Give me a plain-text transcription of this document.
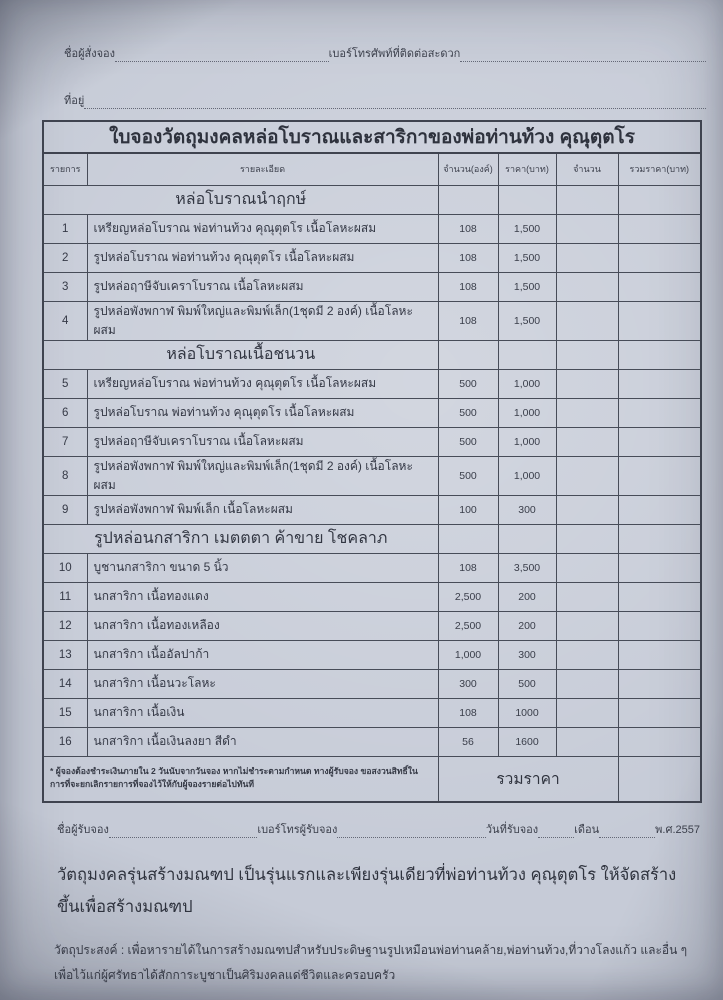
ชื่อผู้สั่งจอง	เบอร์โทรศัพท์ที่ติดต่อสะดวก
ที่อยู่
ใบจองวัตถุมงคลหล่อโบราณและสาริกาของพ่อท่านท้วง คุณุตุตโร					
รายการ	รายละเอียด	จำนวน(องค์)	ราคา(บาท)	จำนวน	รวมราคา(บาท)
หล่อโบราณนำฤกษ์					
1	เหรียญหล่อโบราณ พ่อท่านท้วง คุณุตุตโร เนื้อโลหะผสม	108	1,500		
2	รูปหล่อโบราณ พ่อท่านท้วง คุณุตุตโร เนื้อโลหะผสม	108	1,500		
3	รูปหล่อฤาษีจับเคราโบราณ เนื้อโลหะผสม	108	1,500		
4	รูปหล่อพังพกาฬ พิมพ์ใหญ่และพิมพ์เล็ก(1ชุดมี 2 องค์) เนื้อโลหะผสม	108	1,500		
หล่อโบราณเนื้อชนวน					
5	เหรียญหล่อโบราณ พ่อท่านท้วง คุณุตุตโร เนื้อโลหะผสม	500	1,000		
6	รูปหล่อโบราณ พ่อท่านท้วง คุณุตุตโร เนื้อโลหะผสม	500	1,000		
7	รูปหล่อฤาษีจับเคราโบราณ เนื้อโลหะผสม	500	1,000		
8	รูปหล่อพังพกาฬ พิมพ์ใหญ่และพิมพ์เล็ก(1ชุดมี 2 องค์) เนื้อโลหะผสม	500	1,000		
9	รูปหล่อพังพกาฬ พิมพ์เล็ก เนื้อโลหะผสม	100	300		
รูปหล่อนกสาริกา เมตตตา ค้าขาย โชคลาภ					
10	บูชานกสาริกา ขนาด 5 นิ้ว	108	3,500		
11	นกสาริกา เนื้อทองแดง	2,500	200		
12	นกสาริกา เนื้อทองเหลือง	2,500	200		
13	นกสาริกา เนื้ออัลปาก้า	1,000	300		
14	นกสาริกา เนื้อนวะโลหะ	300	500		
15	นกสาริกา เนื้อเงิน	108	1000		
16	นกสาริกา เนื้อเงินลงยา สีดำ	56	1600		
* ผู้จองต้องชำระเงินภายใน 2 วันนับจากวันจอง หากไม่ชำระตามกำหนด ทางผู้รับจอง ขอสงวนสิทธิ์ในการที่จะยกเลิกรายการที่จองไว้ให้กับผู้จองรายต่อไปทันที		รวมราคา			
ชื่อผู้รับจอง	เบอร์โทรผู้รับจอง	วันที่รับจอง	เดือน	พ.ศ.2557
วัตถุมงคลรุ่นสร้างมณฑป เป็นรุ่นแรกและเพียงรุ่นเดียวที่พ่อท่านท้วง คุณุตุตโร ให้จัดสร้างขึ้นเพื่อสร้างมณฑป
วัตถุประสงค์ : เพื่อหารายได้ในการสร้างมณฑปสำหรับประดิษฐานรูปเหมือนพ่อท่านคล้าย,พ่อท่านท้วง,ที่วางโลงแก้ว และอื่น ๆ เพื่อไว้แก่ผู้ศรัทธาได้สักการะบูชาเป็นศิริมงคลแด่ชีวิตและครอบครัว
